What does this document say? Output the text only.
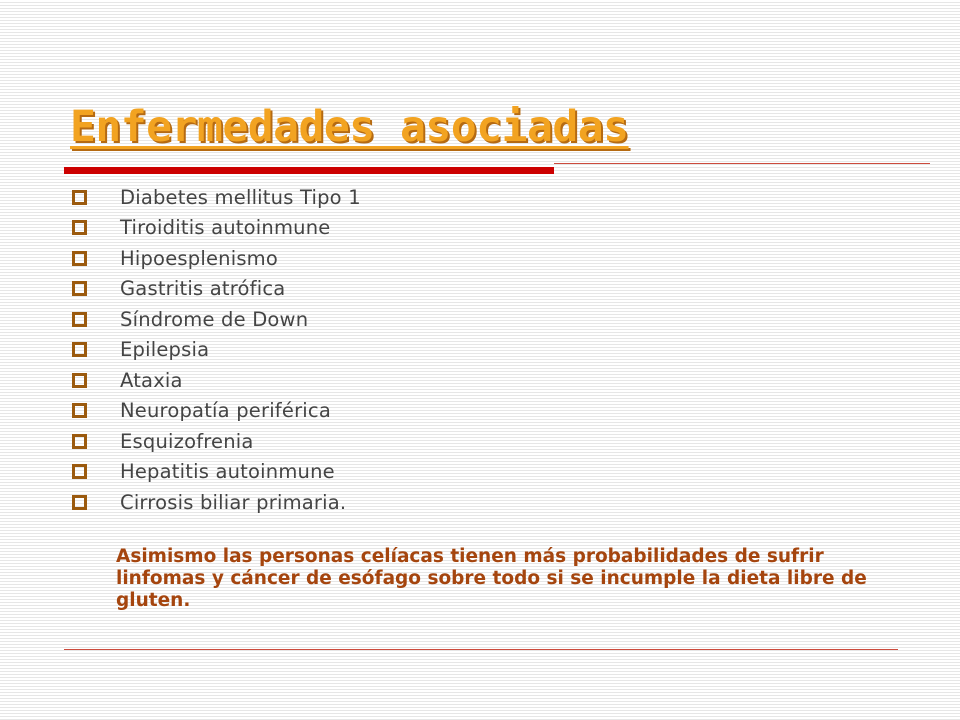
Enfermedades asociadas
Diabetes mellitus Tipo 1
Tiroiditis autoinmune
Hipoesplenismo
Gastritis atrófica
Síndrome de Down
Epilepsia
Ataxia
Neuropatía periférica
Esquizofrenia
Hepatitis autoinmune
Cirrosis biliar primaria.

Asimismo las personas celíacas tienen más probabilidades de sufrir linfomas y cáncer de esófago sobre todo si se incumple la dieta libre de gluten.
